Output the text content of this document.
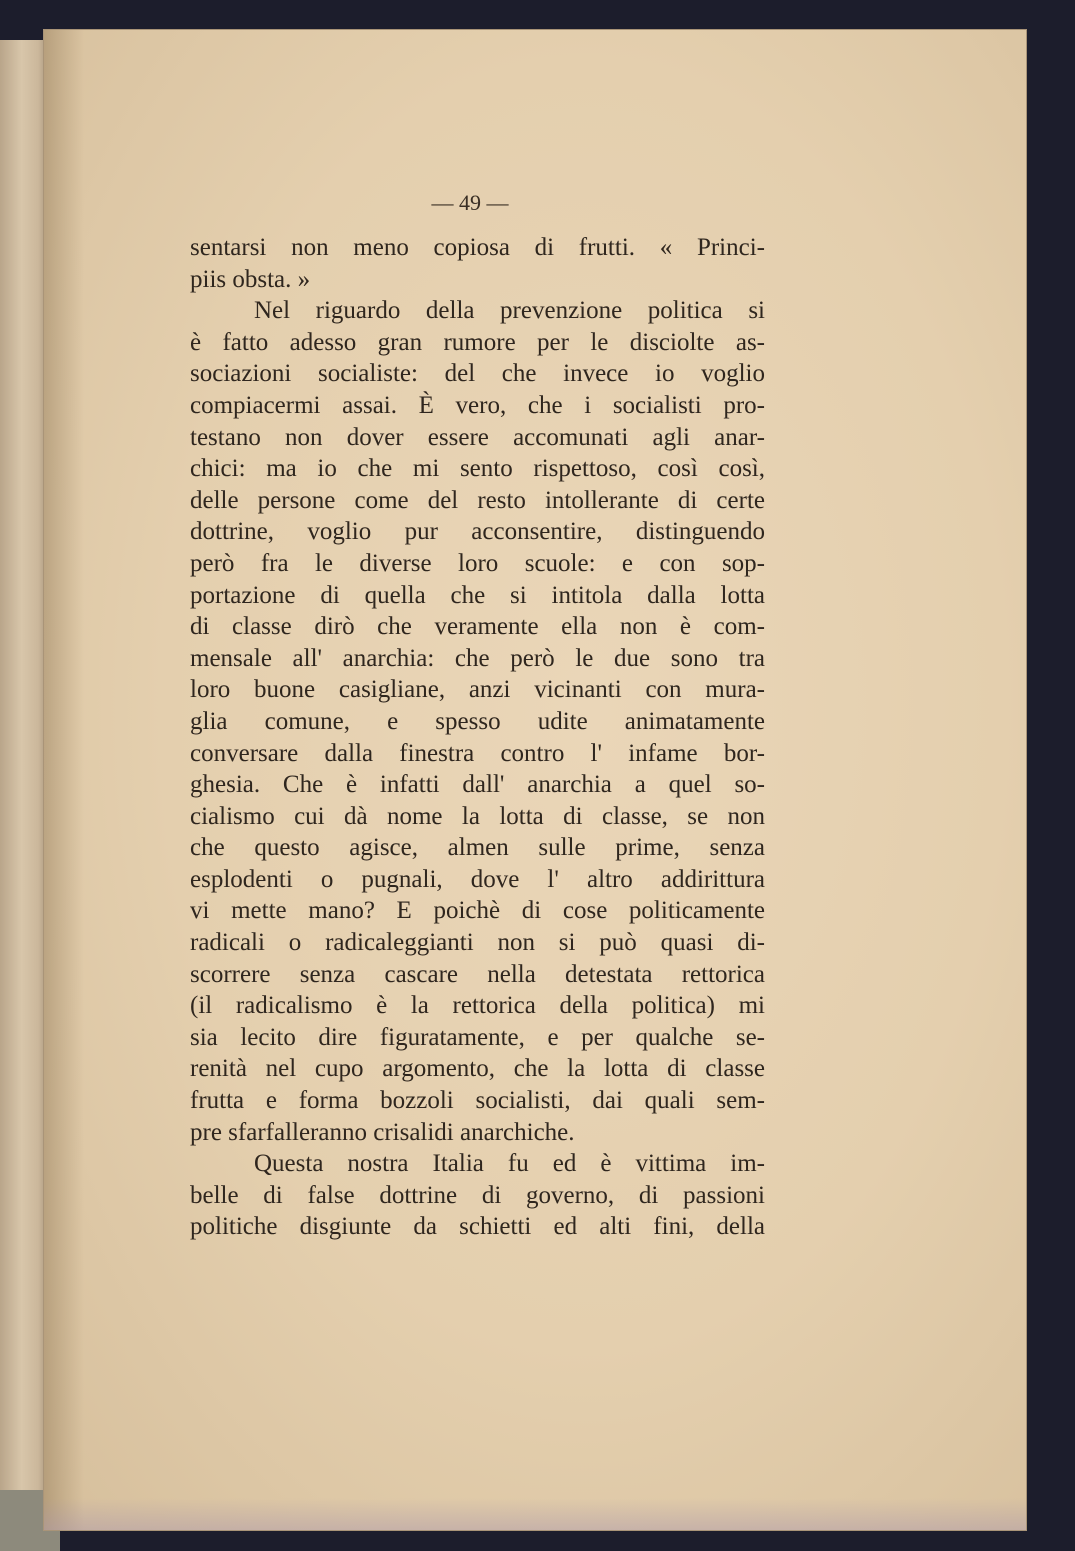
— 49 —
sentarsi non meno copiosa di frutti. « Princi-
piis obsta. »
Nel riguardo della prevenzione politica si
è fatto adesso gran rumore per le disciolte as-
sociazioni socialiste: del che invece io voglio
compiacermi assai. È vero, che i socialisti pro-
testano non dover essere accomunati agli anar-
chici: ma io che mi sento rispettoso, così così,
delle persone come del resto intollerante di certe
dottrine, voglio pur acconsentire, distinguendo
però fra le diverse loro scuole: e con sop-
portazione di quella che si intitola dalla lotta
di classe dirò che veramente ella non è com-
mensale all' anarchia: che però le due sono tra
loro buone casigliane, anzi vicinanti con mura-
glia comune, e spesso udite animatamente
conversare dalla finestra contro l' infame bor-
ghesia. Che è infatti dall' anarchia a quel so-
cialismo cui dà nome la lotta di classe, se non
che questo agisce, almen sulle prime, senza
esplodenti o pugnali, dove l' altro addirittura
vi mette mano? E poichè di cose politicamente
radicali o radicaleggianti non si può quasi di-
scorrere senza cascare nella detestata rettorica
(il radicalismo è la rettorica della politica) mi
sia lecito dire figuratamente, e per qualche se-
renità nel cupo argomento, che la lotta di classe
frutta e forma bozzoli socialisti, dai quali sem-
pre sfarfalleranno crisalidi anarchiche.
Questa nostra Italia fu ed è vittima im-
belle di false dottrine di governo, di passioni
politiche disgiunte da schietti ed alti fini, della
